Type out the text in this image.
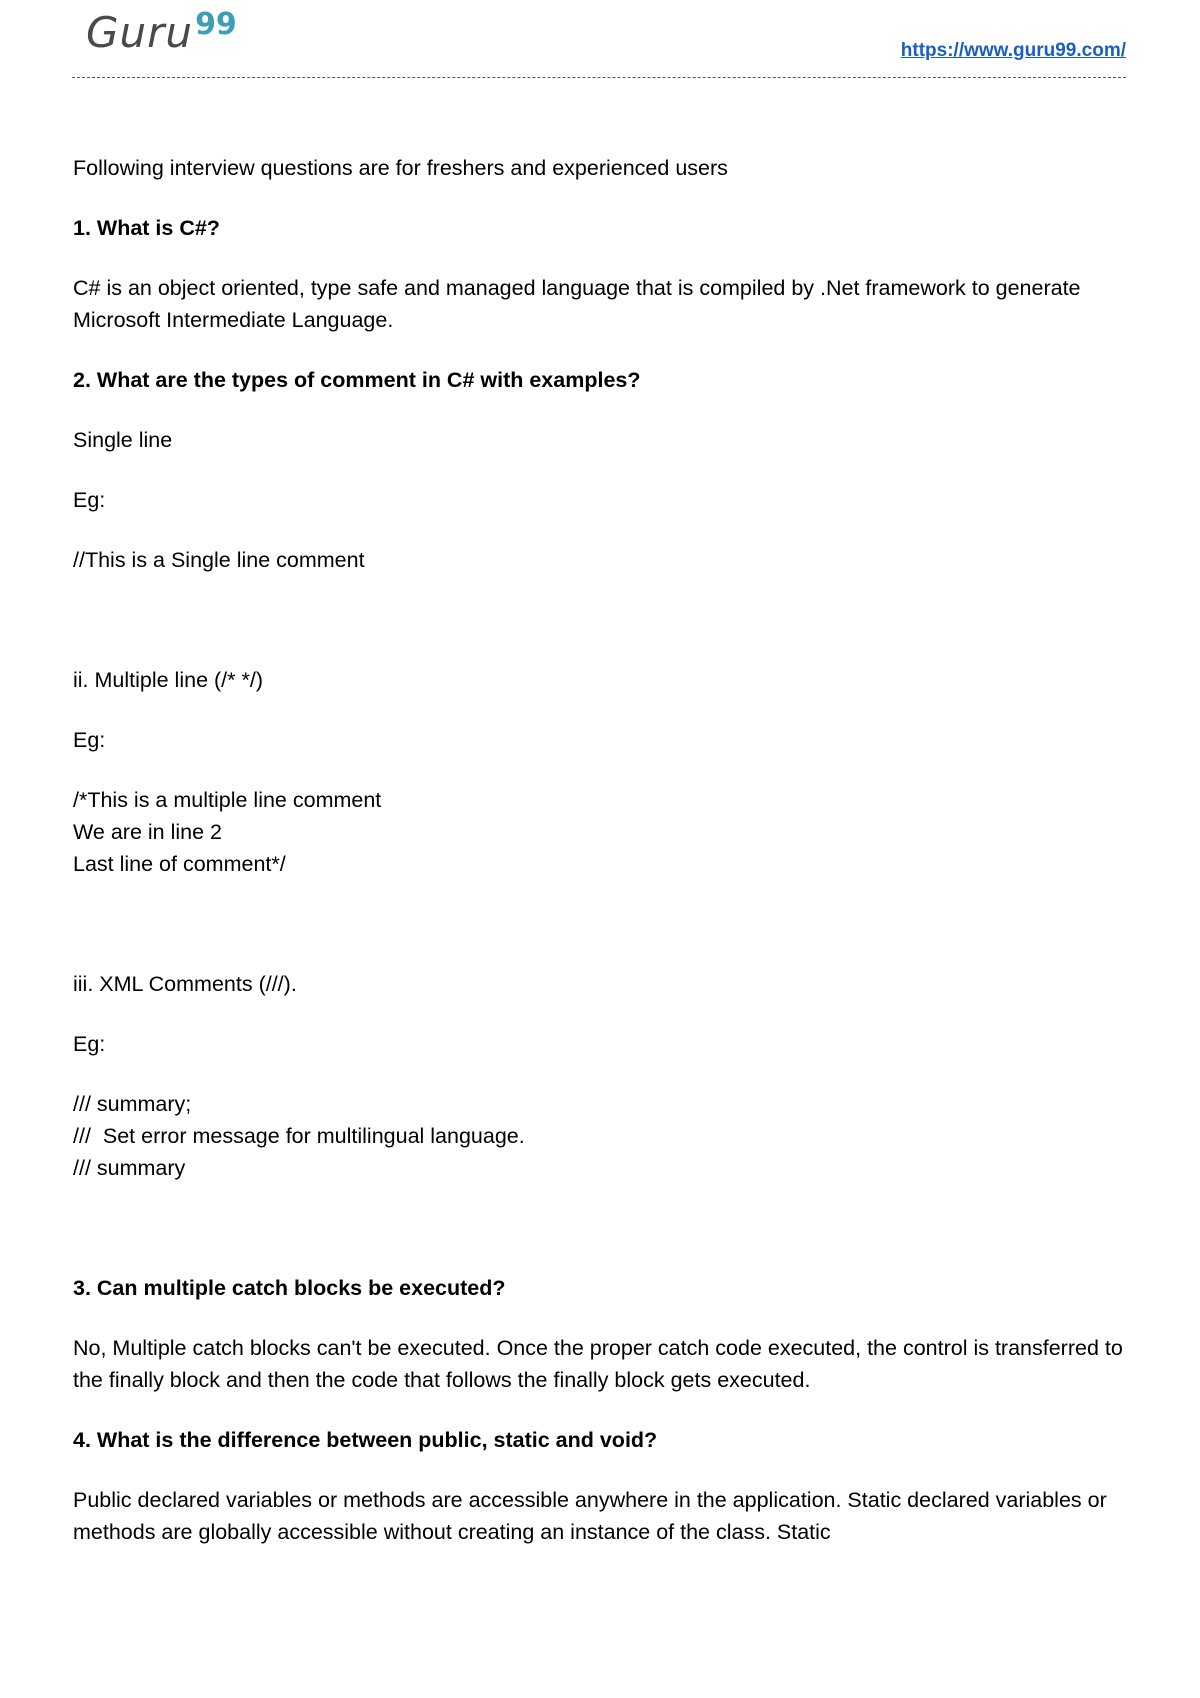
Guru 99
https://www.guru99.com/

Following interview questions are for freshers and experienced users

1. What is C#?

C# is an object oriented, type safe and managed language that is compiled by .Net framework to generate Microsoft Intermediate Language.

2. What are the types of comment in C# with examples?

Single line

Eg:

//This is a Single line comment

ii. Multiple line (/* */)

Eg:

/*This is a multiple line comment
We are in line 2
Last line of comment*/

iii. XML Comments (///).

Eg:

/// summary;
///  Set error message for multilingual language.
/// summary

3. Can multiple catch blocks be executed?

No, Multiple catch blocks can't be executed. Once the proper catch code executed, the control is transferred to the finally block and then the code that follows the finally block gets executed.

4. What is the difference between public, static and void?

Public declared variables or methods are accessible anywhere in the application. Static declared variables or methods are globally accessible without creating an instance of the class. Static
